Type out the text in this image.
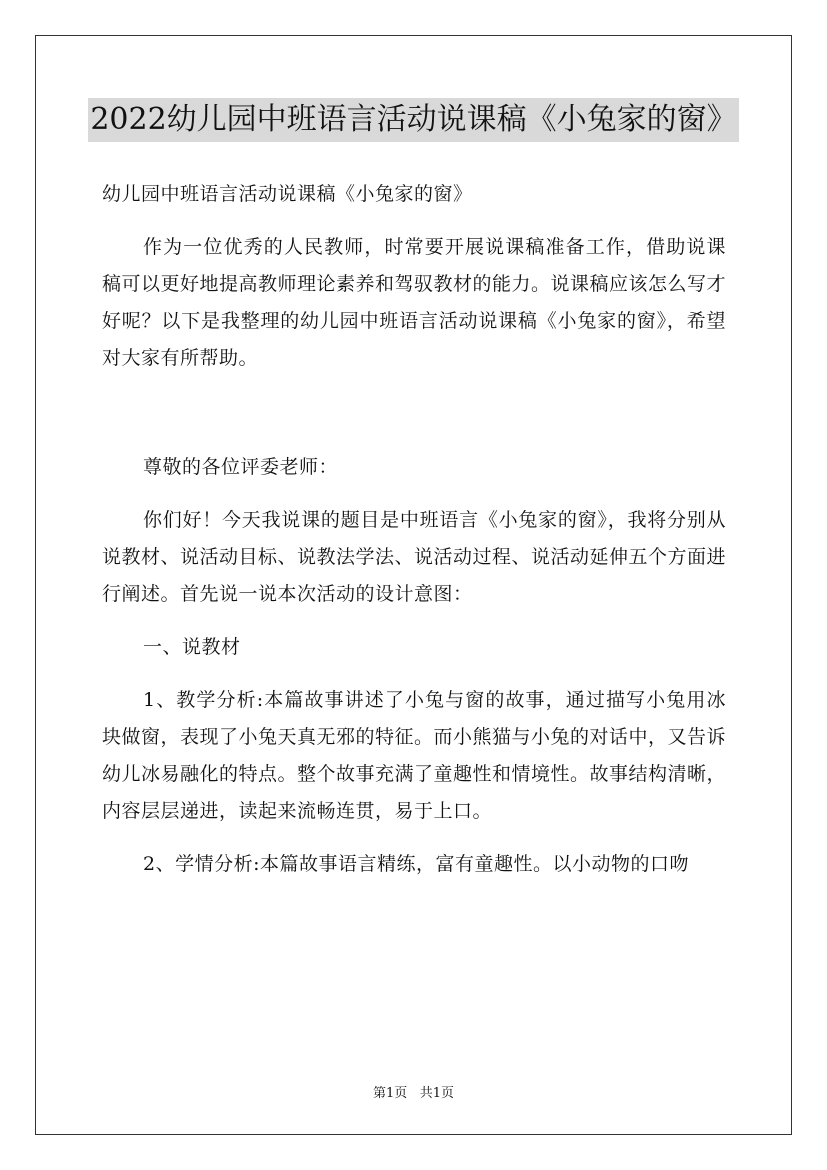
2022幼儿园中班语言活动说课稿《小兔家的窗》

幼儿园中班语言活动说课稿《小兔家的窗》

作为一位优秀的人民教师，时常要开展说课稿准备工作，借助说课稿可以更好地提高教师理论素养和驾驭教材的能力。说课稿应该怎么写才好呢？以下是我整理的幼儿园中班语言活动说课稿《小兔家的窗》，希望对大家有所帮助。

尊敬的各位评委老师：

你们好！今天我说课的题目是中班语言《小兔家的窗》，我将分别从说教材、说活动目标、说教法学法、说活动过程、说活动延伸五个方面进行阐述。首先说一说本次活动的设计意图：

一、说教材

1、教学分析:本篇故事讲述了小兔与窗的故事，通过描写小兔用冰块做窗，表现了小兔天真无邪的特征。而小熊猫与小兔的对话中，又告诉幼儿冰易融化的特点。整个故事充满了童趣性和情境性。故事结构清晰，内容层层递进，读起来流畅连贯，易于上口。

2、学情分析:本篇故事语言精练，富有童趣性。以小动物的口吻

第1页 共1页
